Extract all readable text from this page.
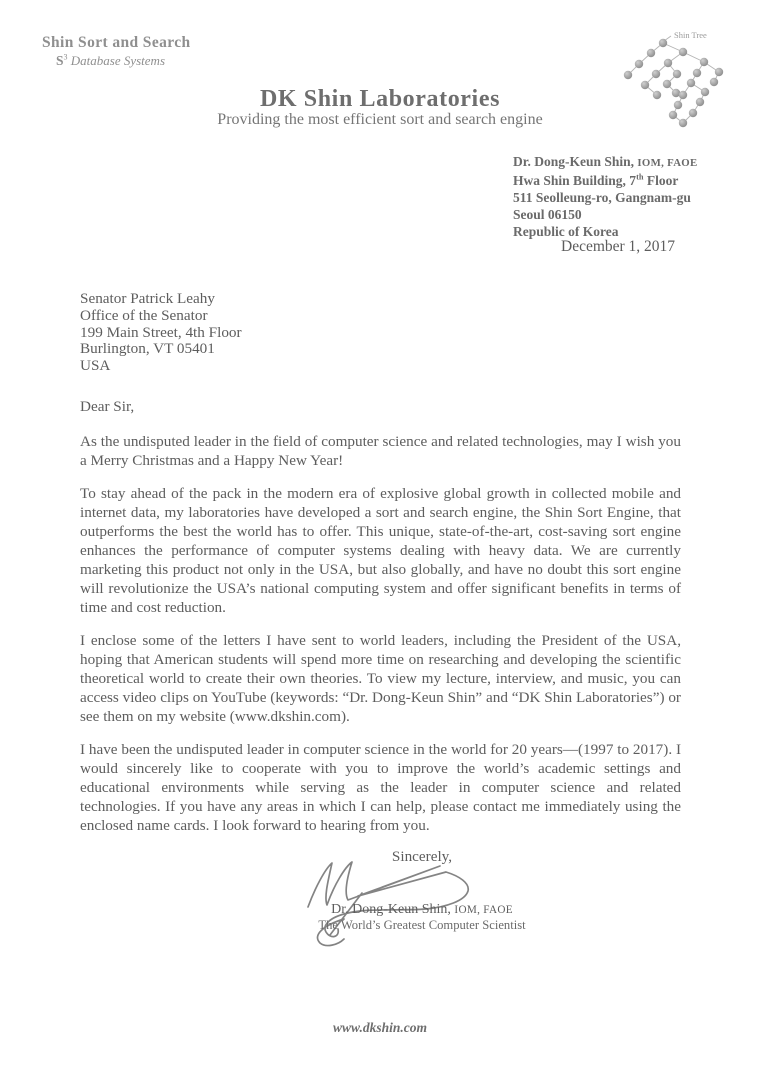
Shin Sort and Search
$S^3$ Database Systems
Shin Tree
DK Shin Laboratories
Providing the most efficient sort and search engine
Dr. Dong-Keun Shin, IOM, FAOE
Hwa Shin Building, 7th Floor
511 Seolleung-ro, Gangnam-gu
Seoul 06150
Republic of Korea
December 1, 2017
Senator Patrick Leahy
Office of the Senator
199 Main Street, 4th Floor
Burlington, VT 05401
USA
Dear Sir,

As the undisputed leader in the field of computer science and related technologies, may I wish you a Merry Christmas and a Happy New Year!

To stay ahead of the pack in the modern era of explosive global growth in collected mobile and internet data, my laboratories have developed a sort and search engine, the Shin Sort Engine, that outperforms the best the world has to offer. This unique, state-of-the-art, cost-saving sort engine enhances the performance of computer systems dealing with heavy data. We are currently marketing this product not only in the USA, but also globally, and have no doubt this sort engine will revolutionize the USA’s national computing system and offer significant benefits in terms of time and cost reduction.

I enclose some of the letters I have sent to world leaders, including the President of the USA, hoping that American students will spend more time on researching and developing the scientific theoretical world to create their own theories. To view my lecture, interview, and music, you can access video clips on YouTube (keywords: “Dr. Dong-Keun Shin” and “DK Shin Laboratories”) or see them on my website (www.dkshin.com).

I have been the undisputed leader in computer science in the world for 20 years—(1997 to 2017). I would sincerely like to cooperate with you to improve the world’s academic settings and educational environments while serving as the leader in computer science and related technologies. If you have any areas in which I can help, please contact me immediately using the enclosed name cards. I look forward to hearing from you.

Sincerely,
Dr. Dong-Keun Shin, IOM, FAOE
The World’s Greatest Computer Scientist
www.dkshin.com
